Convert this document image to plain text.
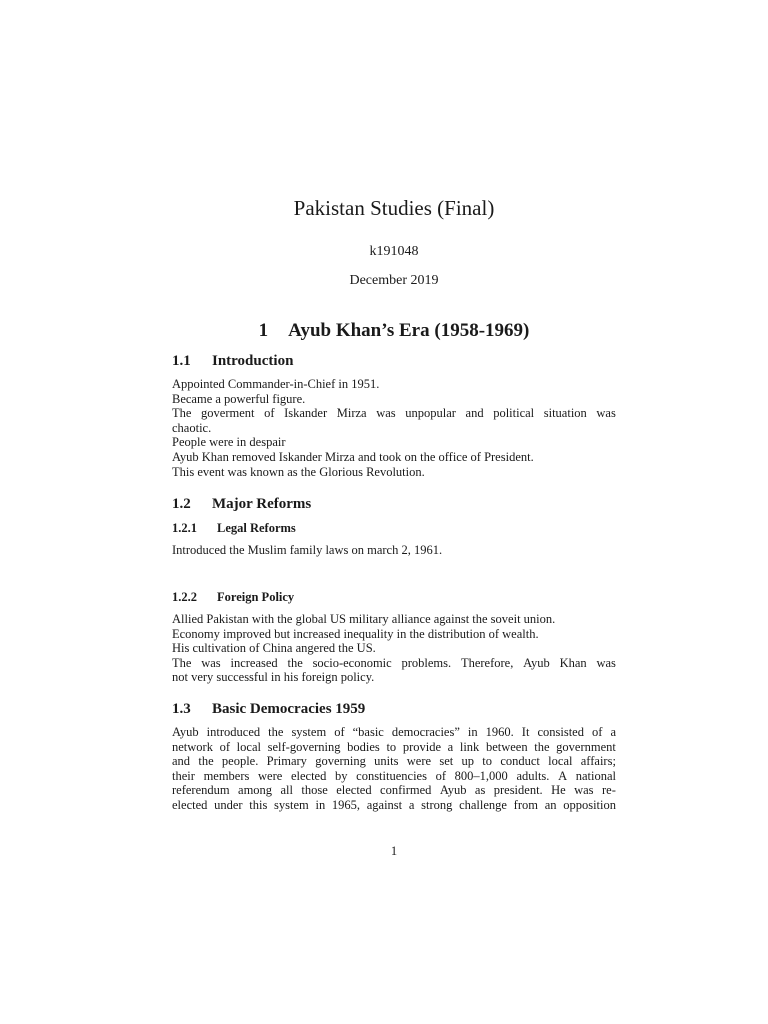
Pakistan Studies (Final)
k191048
December 2019
1 Ayub Khan’s Era (1958-1969)
1.1 Introduction
Appointed Commander-in-Chief in 1951.
Became a powerful figure.
The goverment of Iskander Mirza was unpopular and political situation was
chaotic.
People were in despair
Ayub Khan removed Iskander Mirza and took on the office of President.
This event was known as the Glorious Revolution.
1.2 Major Reforms
1.2.1 Legal Reforms
Introduced the Muslim family laws on march 2, 1961.
1.2.2 Foreign Policy
Allied Pakistan with the global US military alliance against the soveit union.
Economy improved but increased inequality in the distribution of wealth.
His cultivation of China angered the US.
The was increased the socio-economic problems. Therefore, Ayub Khan was
not very successful in his foreign policy.
1.3 Basic Democracies 1959
Ayub introduced the system of “basic democracies” in 1960. It consisted of a
network of local self-governing bodies to provide a link between the government
and the people. Primary governing units were set up to conduct local affairs;
their members were elected by constituencies of 800–1,000 adults. A national
referendum among all those elected confirmed Ayub as president. He was re-
elected under this system in 1965, against a strong challenge from an opposition
1
